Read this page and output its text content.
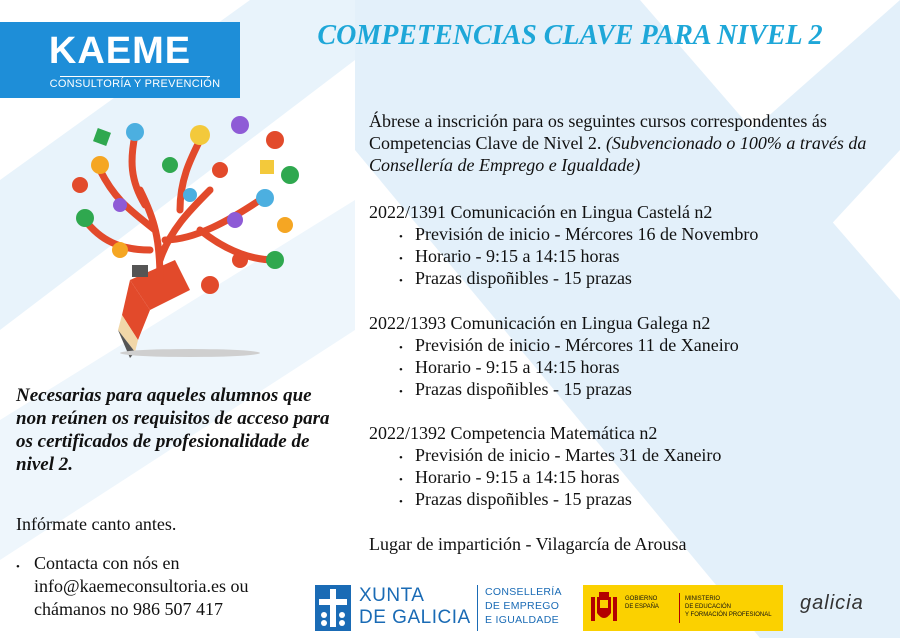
KAEME
CONSULTORÍA Y PREVENCIÓN
COMPETENCIAS CLAVE PARA NIVEL 2
Ábrese a inscrición para os seguintes cursos correspondentes ás Competencias Clave de Nivel 2. (Subvencionado o 100% a través da Consellería de Emprego e Igualdade)
2022/1391 Comunicación en Lingua Castelá n2
• Previsión de inicio - Mércores 16 de Novembro
• Horario - 9:15 a 14:15 horas
• Prazas dispoñibles - 15 prazas
2022/1393 Comunicación en Lingua Galega n2
• Previsión de inicio - Mércores 11 de Xaneiro
• Horario - 9:15 a 14:15 horas
• Prazas dispoñibles - 15 prazas
2022/1392 Competencia Matemática n2
• Previsión de inicio - Martes 31 de Xaneiro
• Horario - 9:15 a 14:15 horas
• Prazas dispoñibles - 15 prazas
Lugar de impartición - Vilagarcía de Arousa
Necesarias para aqueles alumnos que non reúnen os requisitos de acceso para os certificados de profesionalidade de nivel 2.
Infórmate canto antes.
• Contacta con nós en
info@kaemeconsultoria.es ou
chámanos no 986 507 417
XUNTA
DE GALICIA
CONSELLERÍA
DE EMPREGO
E IGUALDADE
GOBIERNO
DE ESPAÑA
MINISTERIO
DE EDUCACIÓN
Y FORMACIÓN PROFESIONAL
galicia
